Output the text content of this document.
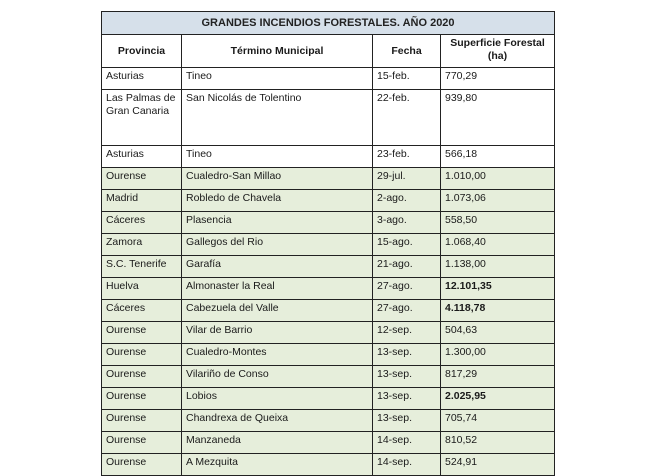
GRANDES INCENDIOS FORESTALES. AÑO 2020			
Provincia	Término Municipal	Fecha	Superficie Forestal
(ha)
Asturias	Tineo	15-feb.	770,29
Las Palmas de Gran Canaria	San Nicolás de Tolentino	22-feb.	939,80
Asturias	Tineo	23-feb.	566,18
Ourense	Cualedro-San Millao	29-jul.	1.010,00
Madrid	Robledo de Chavela	2-ago.	1.073,06
Cáceres	Plasencia	3-ago.	558,50
Zamora	Gallegos del Rio	15-ago.	1.068,40
S.C. Tenerife	Garafía	21-ago.	1.138,00
Huelva	Almonaster la Real	27-ago.	12.101,35
Cáceres	Cabezuela del Valle	27-ago.	4.118,78
Ourense	Vilar de Barrio	12-sep.	504,63
Ourense	Cualedro-Montes	13-sep.	1.300,00
Ourense	Vilariño de Conso	13-sep.	817,29
Ourense	Lobios	13-sep.	2.025,95
Ourense	Chandrexa de Queixa	13-sep.	705,74
Ourense	Manzaneda	14-sep.	810,52
Ourense	A Mezquita	14-sep.	524,91
